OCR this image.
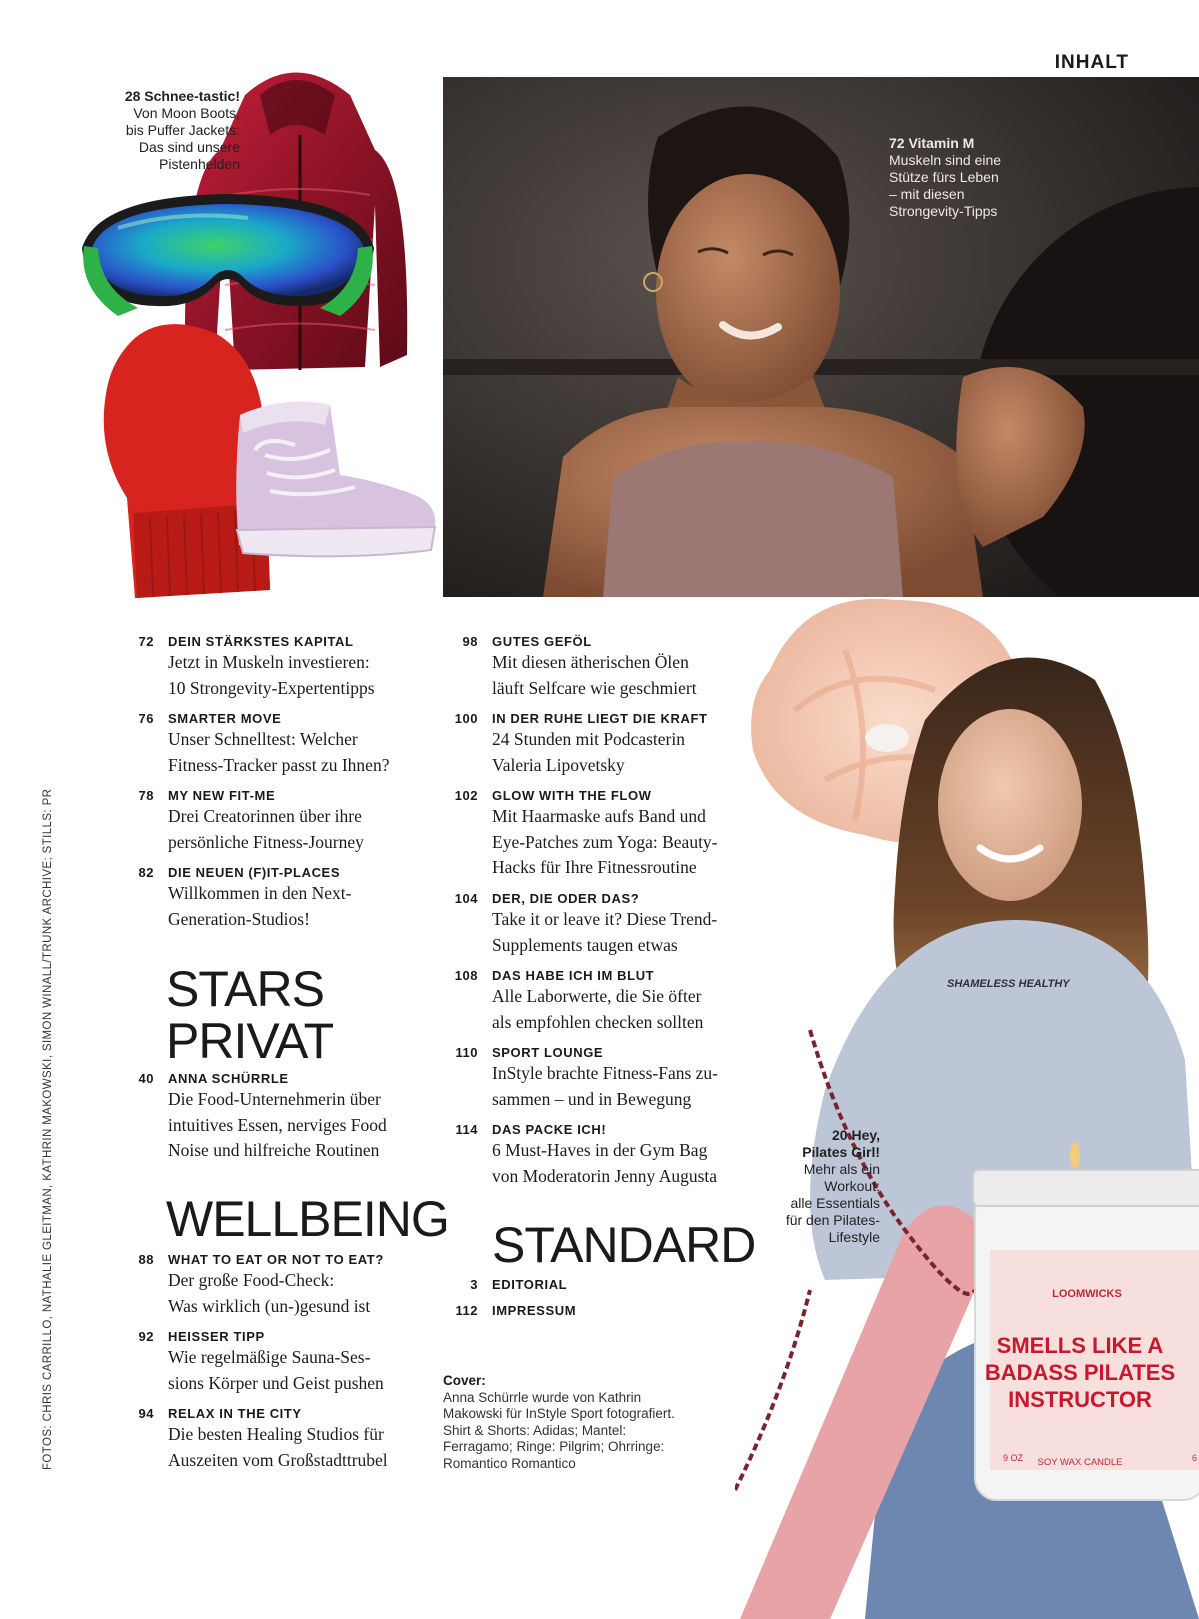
INHALT
28 Schnee-tastic!
Von Moon Boots,
bis Puffer Jackets:
Das sind unsere
Pistenhelden
72 Vitamin M
Muskeln sind eine
Stütze fürs Leben
– mit diesen
Strongevity-Tipps
SHAMELESS HEALTHY
LOOMWICKS
SMELLS LIKE A
BADASS PILATES
INSTRUCTOR
9 OZ SOY WAX CANDLE	6
20 Hey,
Pilates Girl!
Mehr als ein
Workout:
alle Essentials
für den Pilates-
Lifestyle
72 DEIN STÄRKSTES KAPITAL
Jetzt in Muskeln investieren:
10 Strongevity-Expertentipps
76 SMARTER MOVE
Unser Schnelltest: Welcher
Fitness-Tracker passt zu Ihnen?
78 MY NEW FIT-ME
Drei Creatorinnen über ihre
persönliche Fitness-Journey
82 DIE NEUEN (F)IT-PLACES
Willkommen in den Next-
Generation-Studios!
STARS
PRIVAT
40 ANNA SCHÜRRLE
Die Food-Unternehmerin über
intuitives Essen, nerviges Food
Noise und hilfreiche Routinen
WELLBEING
88 WHAT TO EAT OR NOT TO EAT?
Der große Food-Check:
Was wirklich (un-)gesund ist
92 HEISSER TIPP
Wie regelmäßige Sauna-Ses-
sions Körper und Geist pushen
94 RELAX IN THE CITY
Die besten Healing Studios für
Auszeiten vom Großstadttrubel
98 GUTES GEFÖL
Mit diesen ätherischen Ölen
läuft Selfcare wie geschmiert
100 IN DER RUHE LIEGT DIE KRAFT
24 Stunden mit Podcasterin
Valeria Lipovetsky
102 GLOW WITH THE FLOW
Mit Haarmaske aufs Band und
Eye-Patches zum Yoga: Beauty-
Hacks für Ihre Fitnessroutine
104 DER, DIE ODER DAS?
Take it or leave it? Diese Trend-
Supplements taugen etwas
108 DAS HABE ICH IM BLUT
Alle Laborwerte, die Sie öfter
als empfohlen checken sollten
110 SPORT LOUNGE
InStyle brachte Fitness-Fans zu-
sammen – und in Bewegung
114 DAS PACKE ICH!
6 Must-Haves in der Gym Bag
von Moderatorin Jenny Augusta
STANDARD
3 EDITORIAL
112 IMPRESSUM
Cover:
Anna Schürrle wurde von Kathrin
Makowski für InStyle Sport fotografiert.
Shirt & Shorts: Adidas; Mantel:
Ferragamo; Ringe: Pilgrim; Ohrringe:
Romantico Romantico
FOTOS: CHRIS CARRILLO, NATHALIE GLEITMAN, KATHRIN MAKOWSKI, SIMON WINALL/TRUNK ARCHIVE; STILLS: PR
